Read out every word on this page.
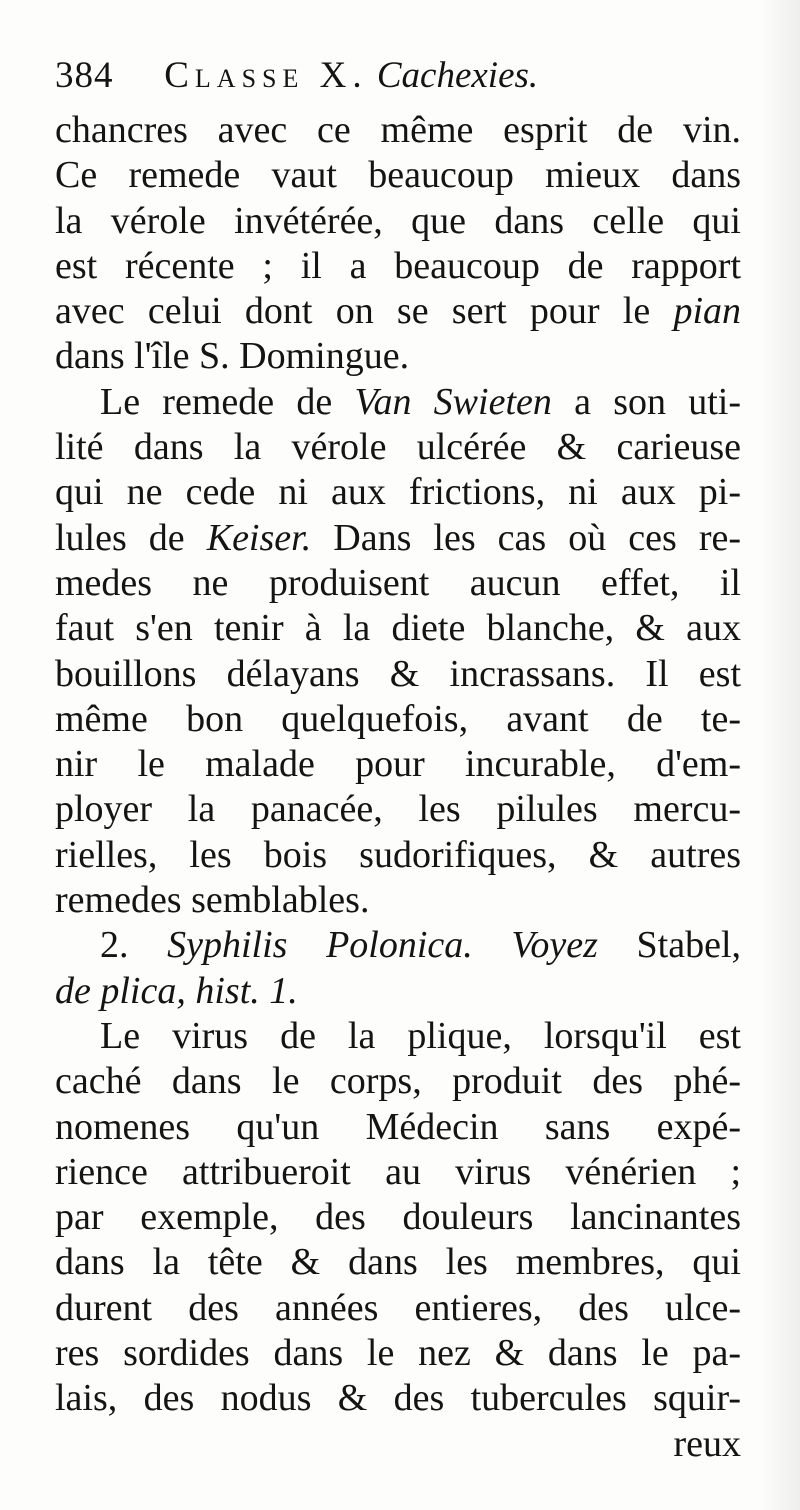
384 Classe X. Cachexies.
chancres avec ce même esprit de vin.
Ce remede vaut beaucoup mieux dans
la vérole invétérée, que dans celle qui
est récente ; il a beaucoup de rapport
avec celui dont on se sert pour le pian
dans l'île S. Domingue.
Le remede de Van Swieten a son uti-
lité dans la vérole ulcérée & carieuse
qui ne cede ni aux frictions, ni aux pi-
lules de Keiser. Dans les cas où ces re-
medes ne produisent aucun effet, il
faut s'en tenir à la diete blanche, & aux
bouillons délayans & incrassans. Il est
même bon quelquefois, avant de te-
nir le malade pour incurable, d'em-
ployer la panacée, les pilules mercu-
rielles, les bois sudorifiques, & autres
remedes semblables.
2. Syphilis Polonica. Voyez Stabel,
de plica, hist. 1.
Le virus de la plique, lorsqu'il est
caché dans le corps, produit des phé-
nomenes qu'un Médecin sans expé-
rience attribueroit au virus vénérien ;
par exemple, des douleurs lancinantes
dans la tête & dans les membres, qui
durent des années entieres, des ulce-
res sordides dans le nez & dans le pa-
lais, des nodus & des tubercules squir-
reux
